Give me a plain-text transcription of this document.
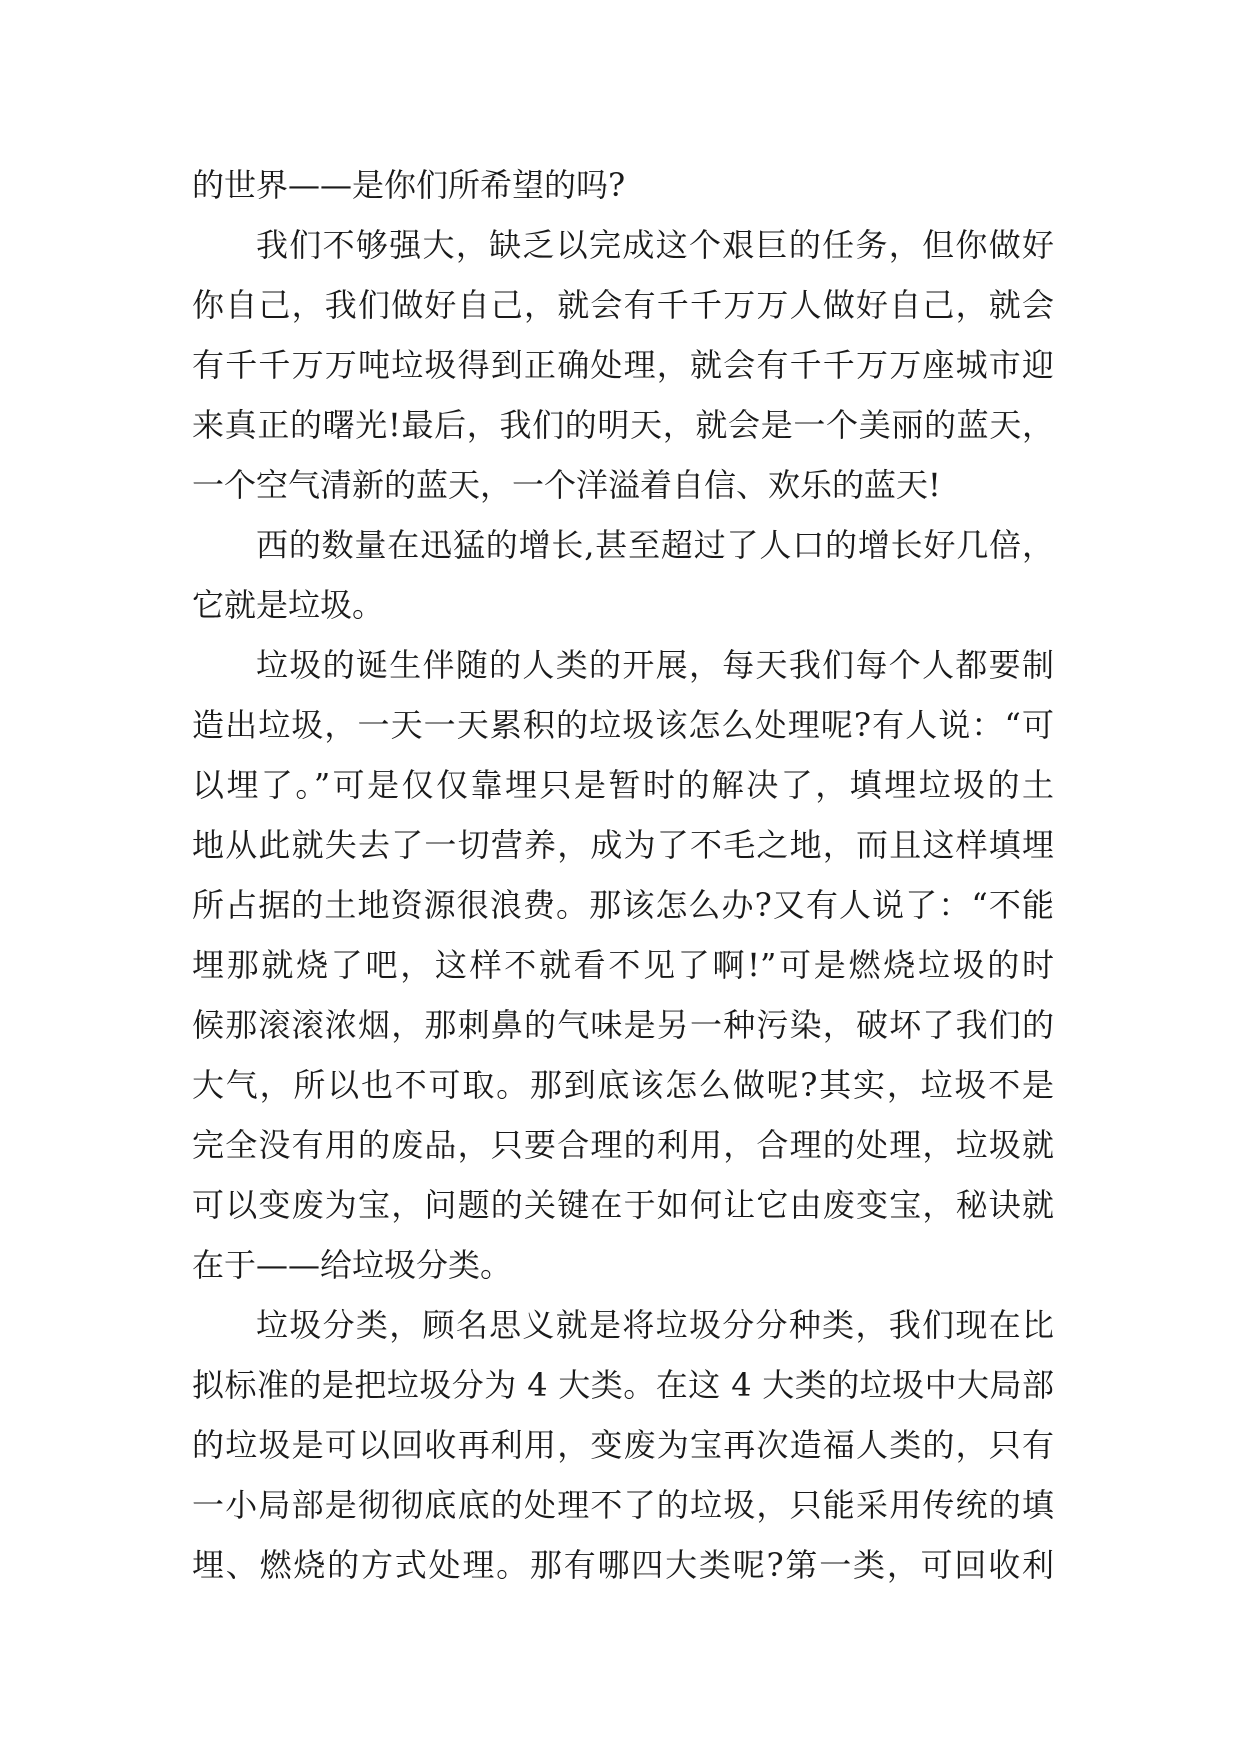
的世界——是你们所希望的吗?
我们不够强大，缺乏以完成这个艰巨的任务，但你做好
你自己，我们做好自己，就会有千千万万人做好自己，就会
有千千万万吨垃圾得到正确处理，就会有千千万万座城市迎
来真正的曙光!最后，我们的明天，就会是一个美丽的蓝天，
一个空气清新的蓝天，一个洋溢着自信、欢乐的蓝天!
西的数量在迅猛的增长,甚至超过了人口的增长好几倍，
它就是垃圾。
垃圾的诞生伴随的人类的开展，每天我们每个人都要制
造出垃圾，一天一天累积的垃圾该怎么处理呢?有人说：“可
以埋了。”可是仅仅靠埋只是暂时的解决了，填埋垃圾的土
地从此就失去了一切营养，成为了不毛之地，而且这样填埋
所占据的土地资源很浪费。那该怎么办?又有人说了：“不能
埋那就烧了吧，这样不就看不见了啊!”可是燃烧垃圾的时
候那滚滚浓烟，那刺鼻的气味是另一种污染，破坏了我们的
大气，所以也不可取。那到底该怎么做呢?其实，垃圾不是
完全没有用的废品，只要合理的利用，合理的处理，垃圾就
可以变废为宝，问题的关键在于如何让它由废变宝，秘诀就
在于——给垃圾分类。
垃圾分类，顾名思义就是将垃圾分分种类，我们现在比
拟标准的是把垃圾分为 4 大类。在这 4 大类的垃圾中大局部
的垃圾是可以回收再利用，变废为宝再次造福人类的，只有
一小局部是彻彻底底的处理不了的垃圾，只能采用传统的填
埋、燃烧的方式处理。那有哪四大类呢?第一类，可回收利
